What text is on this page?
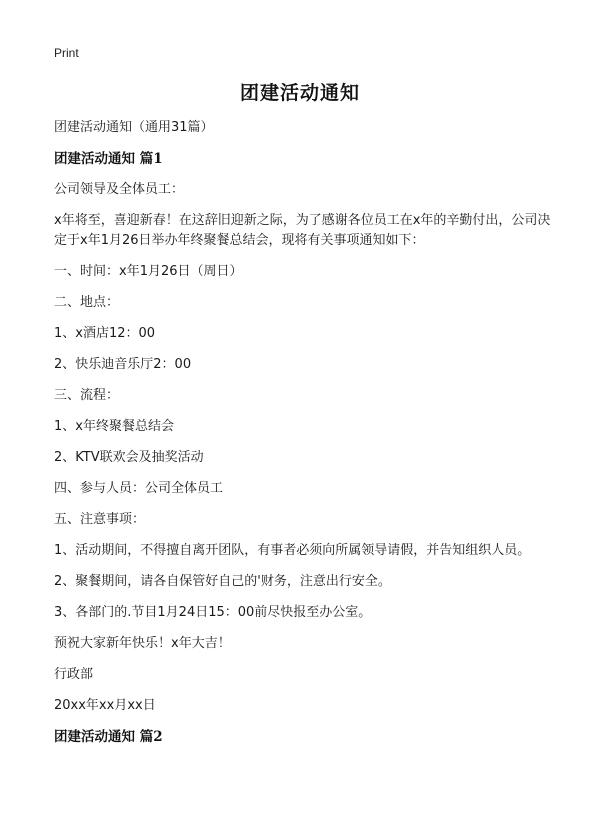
Print
团建活动通知
团建活动通知（通用31篇）
团建活动通知 篇1
公司领导及全体员工：
x年将至，喜迎新春！在这辞旧迎新之际，为了感谢各位员工在x年的辛勤付出，公司决定于x年1月26日举办年终聚餐总结会，现将有关事项通知如下：
一、时间：x年1月26日（周日）
二、地点：
1、x酒店12：00
2、快乐迪音乐厅2：00
三、流程：
1、x年终聚餐总结会
2、KTV联欢会及抽奖活动
四、参与人员：公司全体员工
五、注意事项：
1、活动期间，不得擅自离开团队，有事者必须向所属领导请假，并告知组织人员。
2、聚餐期间，请各自保管好自己的'财务，注意出行安全。
3、各部门的.节目1月24日15：00前尽快报至办公室。
预祝大家新年快乐！x年大吉！
行政部
20xx年xx月xx日
团建活动通知 篇2
